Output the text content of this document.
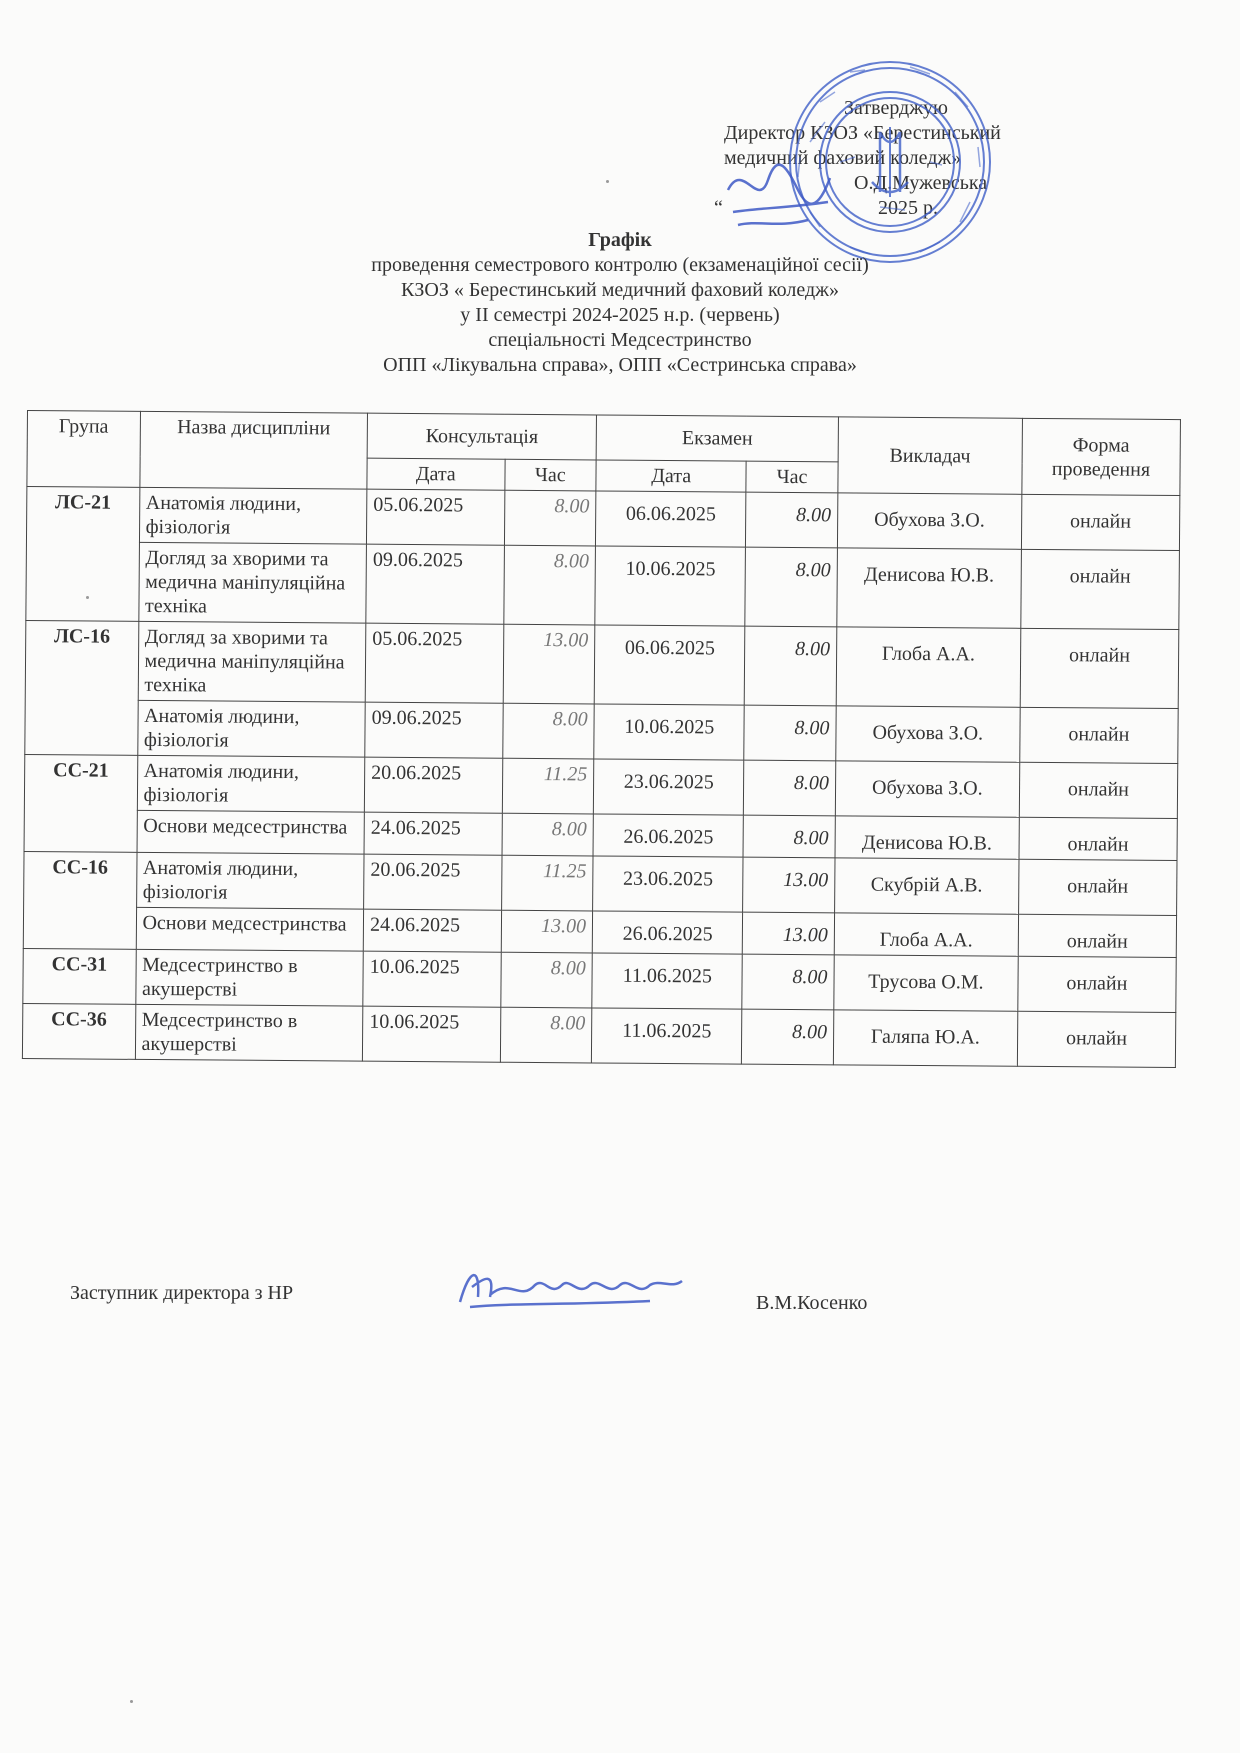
Затверджую
Директор КЗОЗ «Берестинський
медичний фаховий коледж»
О.Д.Мужевська
“	2025 р.
Графік
проведення семестрового контролю (екзаменаційної сесії)
КЗОЗ « Берестинський медичний фаховий коледж»
у ІІ семестрі 2024-2025 н.р. (червень)
спеціальності Медсестринство
ОПП «Лікувальна справа», ОПП «Сестринська справа»
Група	Назва дисципліни	Консультація		Екзамен		Викладач	Форма проведення
		Дата	Час	Дата	Час		
ЛС-21	Анатомія людини, фізіологія	05.06.2025	8.00	06.06.2025	8.00	Обухова З.О.	онлайн
	Догляд за хворими та медична маніпуляційна техніка	09.06.2025	8.00	10.06.2025	8.00	Денисова Ю.В.	онлайн
ЛС-16	Догляд за хворими та медична маніпуляційна техніка	05.06.2025	13.00	06.06.2025	8.00	Глоба А.А.	онлайн
	Анатомія людини, фізіологія	09.06.2025	8.00	10.06.2025	8.00	Обухова З.О.	онлайн
СС-21	Анатомія людини, фізіологія	20.06.2025	11.25	23.06.2025	8.00	Обухова З.О.	онлайн
	Основи медсестринства	24.06.2025	8.00	26.06.2025	8.00	Денисова Ю.В.	онлайн
СС-16	Анатомія людини, фізіологія	20.06.2025	11.25	23.06.2025	13.00	Скубрій А.В.	онлайн
	Основи медсестринства	24.06.2025	13.00	26.06.2025	13.00	Глоба А.А.	онлайн
СС-31	Медсестринство в акушерстві	10.06.2025	8.00	11.06.2025	8.00	Трусова О.М.	онлайн
СС-36	Медсестринство в акушерстві	10.06.2025	8.00	11.06.2025	8.00	Галяпа Ю.А.	онлайн
Заступник директора з НР	В.М.Косенко
